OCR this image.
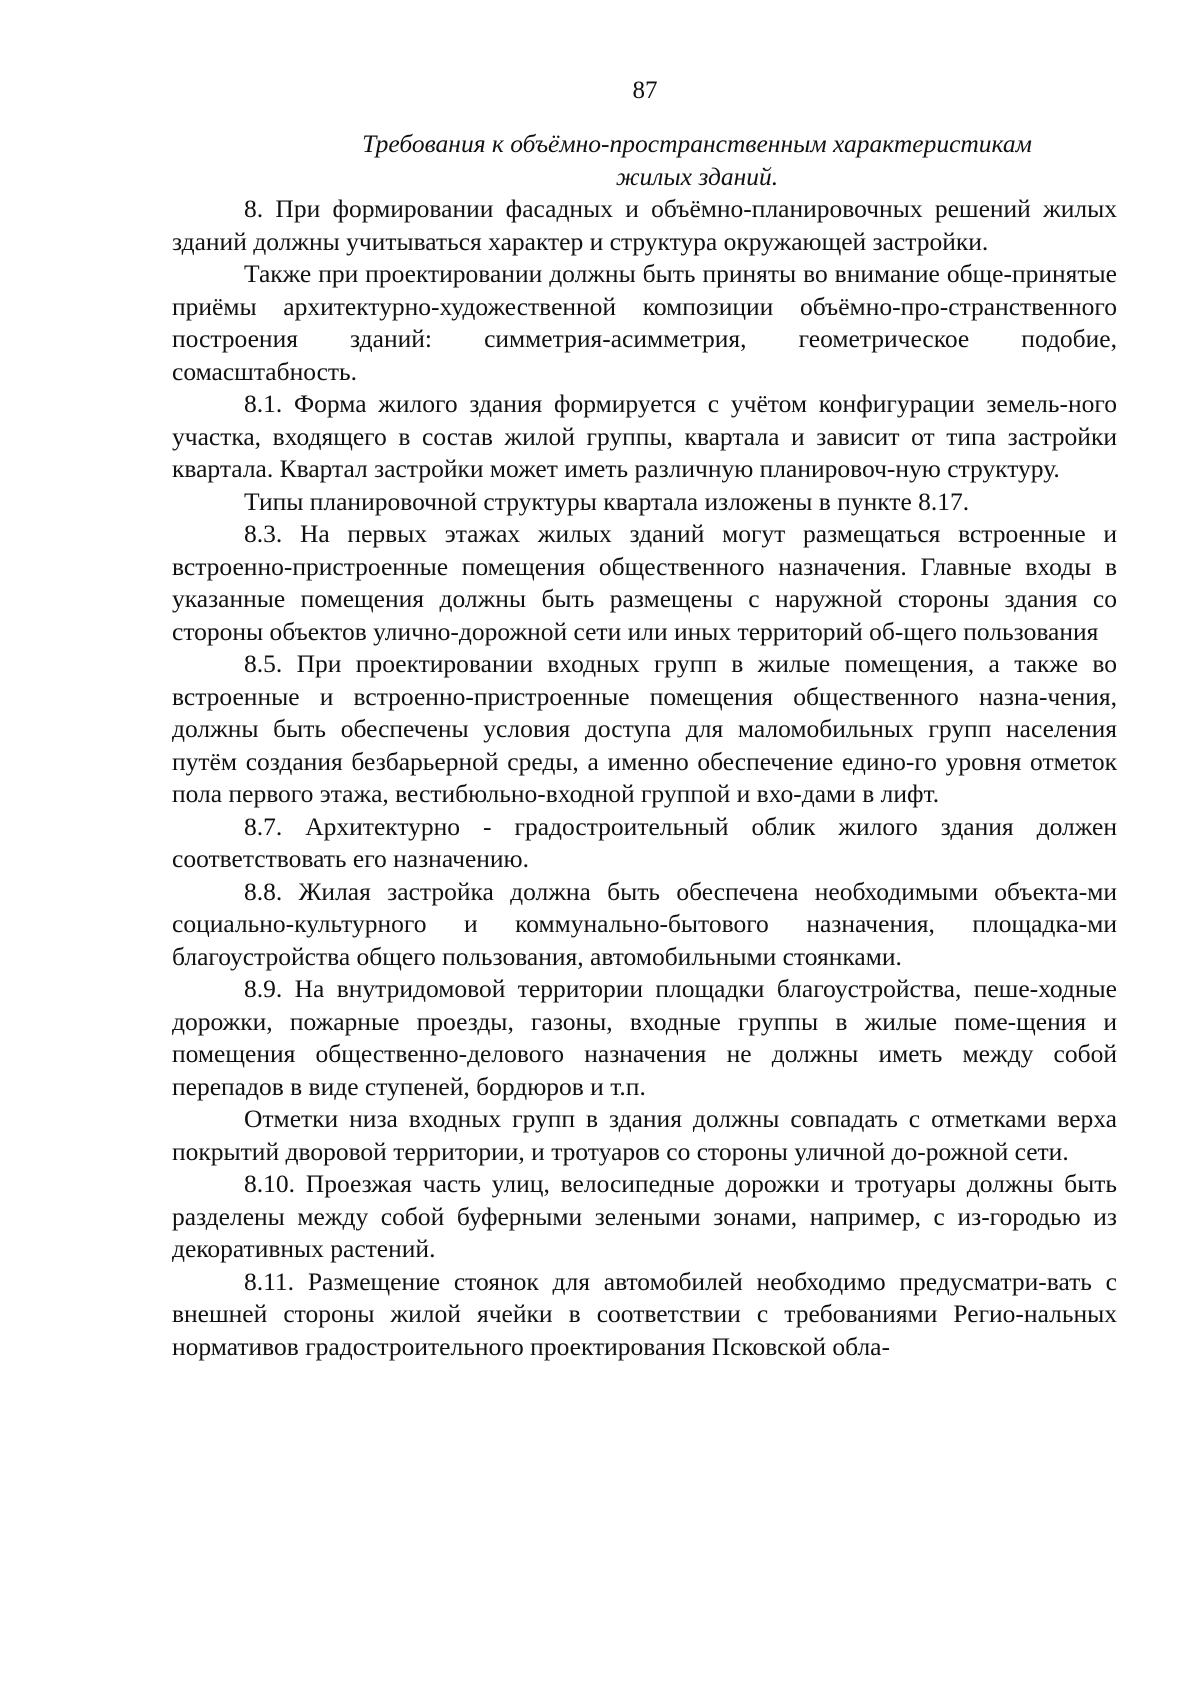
87
Требования к объёмно-пространственным характеристикам
жилых зданий.

8. При формировании фасадных и объёмно-планировочных решений жилых зданий должны учитываться характер и структура окружающей застройки.

Также при проектировании должны быть приняты во внимание обще-принятые приёмы архитектурно-художественной композиции объёмно-про-странственного построения зданий: симметрия-асимметрия, геометрическое подобие, сомасштабность.

8.1. Форма жилого здания формируется с учётом конфигурации земель-ного участка, входящего в состав жилой группы, квартала и зависит от типа застройки квартала. Квартал застройки может иметь различную планировоч-ную структуру.

Типы планировочной структуры квартала изложены в пункте 8.17.

8.3. На первых этажах жилых зданий могут размещаться встроенные и встроенно-пристроенные помещения общественного назначения. Главные входы в указанные помещения должны быть размещены с наружной стороны здания со стороны объектов улично-дорожной сети или иных территорий об-щего пользования

8.5. При проектировании входных групп в жилые помещения, а также во встроенные и встроенно-пристроенные помещения общественного назна-чения, должны быть обеспечены условия доступа для маломобильных групп населения путём создания безбарьерной среды, а именно обеспечение едино-го уровня отметок пола первого этажа, вестибюльно-входной группой и вхо-дами в лифт.

8.7. Архитектурно - градостроительный облик жилого здания должен соответствовать его назначению.

8.8. Жилая застройка должна быть обеспечена необходимыми объекта-ми социально-культурного и коммунально-бытового назначения, площадка-ми благоустройства общего пользования, автомобильными стоянками.

8.9. На внутридомовой территории площадки благоустройства, пеше-ходные дорожки, пожарные проезды, газоны, входные группы в жилые поме-щения и помещения общественно-делового назначения не должны иметь между собой перепадов в виде ступеней, бордюров и т.п.

Отметки низа входных групп в здания должны совпадать с отметками верха покрытий дворовой территории, и тротуаров со стороны уличной до-рожной сети.

8.10. Проезжая часть улиц, велосипедные дорожки и тротуары должны быть разделены между собой буферными зелеными зонами, например, с из-городью из декоративных растений.

8.11. Размещение стоянок для автомобилей необходимо предусматри-вать с внешней стороны жилой ячейки в соответствии с требованиями Регио-нальных нормативов градостроительного проектирования Псковской обла-
